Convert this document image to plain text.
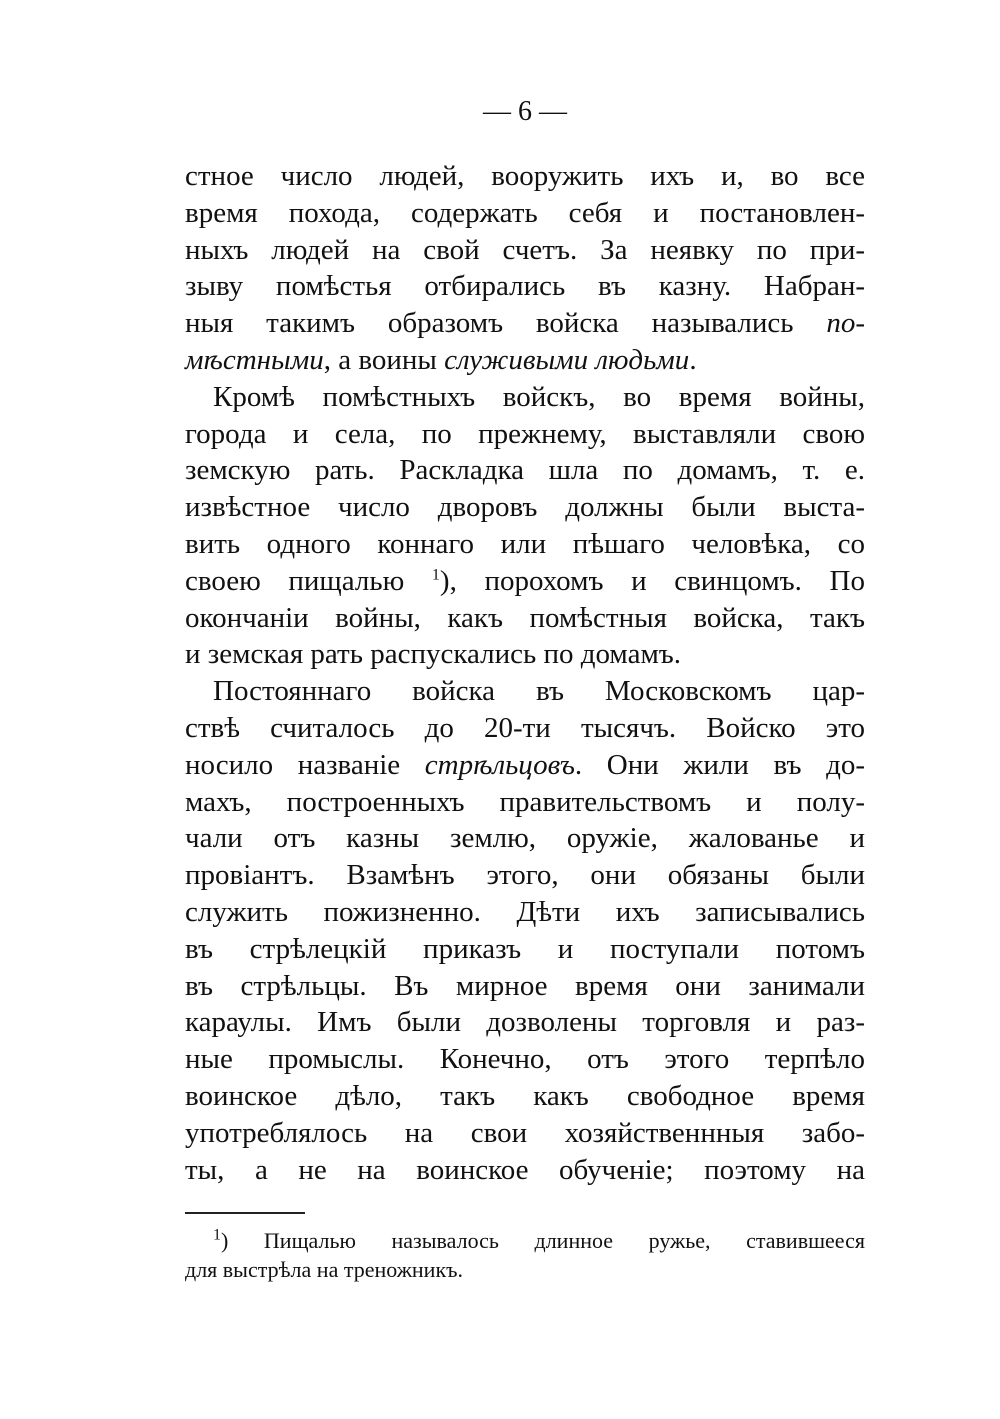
— 6 —
стное число людей, вооружить ихъ и, во все
время похода, содержать себя и постановлен-
ныхъ людей на свой счетъ. За неявку по при-
зыву помѣстья отбирались въ казну. Набран-
ныя такимъ образомъ войска назывались по-
мѣстными, а воины служивыми людьми.
Кромѣ помѣстныхъ войскъ, во время войны,
города и села, по прежнему, выставляли свою
земскую рать. Раскладка шла по домамъ, т. е.
извѣстное число дворовъ должны были выста-
вить одного коннаго или пѣшаго человѣка, со
своею пищалью $^1$), порохомъ и свинцомъ. По
окончанiи войны, какъ помѣстныя войска, такъ
и земская рать распускались по домамъ.
Постояннаго войска въ Московскомъ цар-
ствѣ считалось до 20-ти тысячъ. Войско это
носило названiе стрѣльцовъ. Они жили въ до-
махъ, построенныхъ правительствомъ и полу-
чали отъ казны землю, оружiе, жалованье и
провiантъ. Взамѣнъ этого, они обязаны были
служить пожизненно. Дѣти ихъ записывались
въ стрѣлецкiй приказъ и поступали потомъ
въ стрѣльцы. Въ мирное время они занимали
караулы. Имъ были дозволены торговля и раз-
ные промыслы. Конечно, отъ этого терпѣло
воинское дѣло, такъ какъ свободное время
употреблялось на свои хозяйственнныя забо-
ты, а не на воинское обученiе; поэтому на
$^1$) Пищалью называлось длинное ружье, ставившееся
для выстрѣла на треножникъ.
